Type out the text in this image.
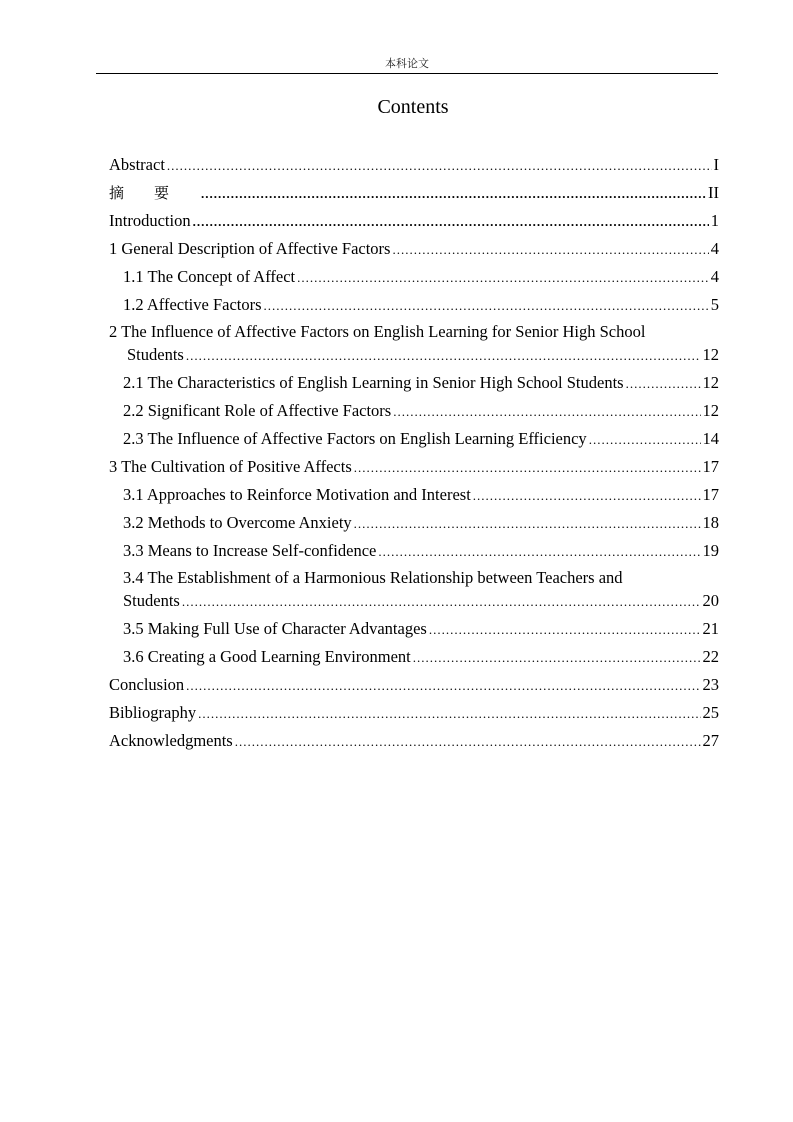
本科论文
Contents
Abstract .....	I
摘要 .....	II
Introduction .....	1
1 General Description of Affective Factors .....	4
1.1 The Concept of Affect .....	4
1.2 Affective Factors .....	5
2 The Influence of Affective Factors on English Learning for Senior High School
Students .....	12
2.1 The Characteristics of English Learning in Senior High School Students .....	12
2.2 Significant Role of Affective Factors .....	12
2.3 The Influence of Affective Factors on English Learning Efficiency .....	14
3 The Cultivation of Positive Affects .....	17
3.1 Approaches to Reinforce Motivation and Interest .....	17
3.2 Methods to Overcome Anxiety .....	18
3.3 Means to Increase Self-confidence .....	19
3.4 The Establishment of a Harmonious Relationship between Teachers and
Students .....	20
3.5 Making Full Use of Character Advantages .....	21
3.6 Creating a Good Learning Environment .....	22
Conclusion .....	23
Bibliography .....	25
Acknowledgments .....	27
